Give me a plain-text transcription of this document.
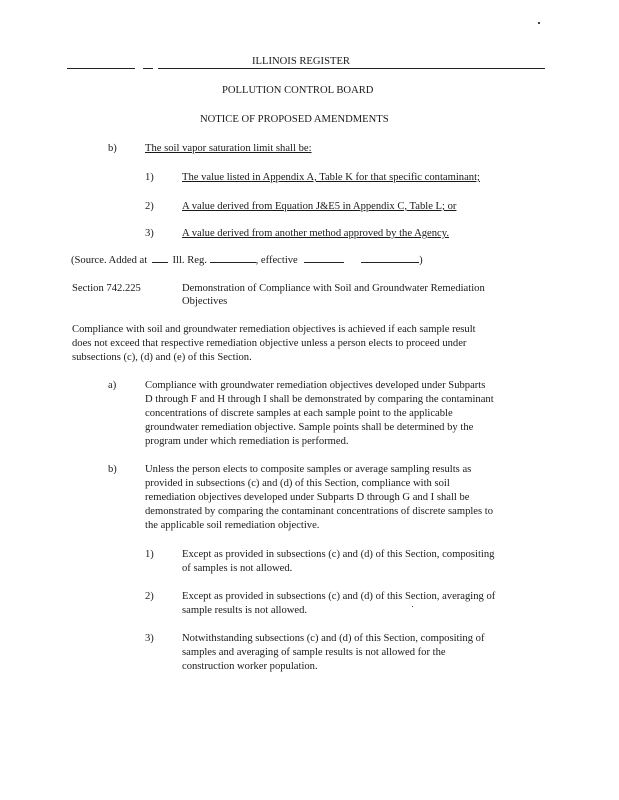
ILLINOIS REGISTER
POLLUTION CONTROL BOARD
NOTICE OF PROPOSED AMENDMENTS
b)	The soil vapor saturation limit shall be:
1)	The value listed in Appendix A, Table K for that specific contaminant;
2)	A value derived from Equation J&E5 in Appendix C, Table L; or
3)	A value derived from another method approved by the Agency.
(Source. Added at Ill. Reg.	, effective	)
Section 742.225	Demonstration of Compliance with Soil and Groundwater Remediation
Objectives
Compliance with soil and groundwater remediation objectives is achieved if each sample result
does not exceed that respective remediation objective unless a person elects to proceed under
subsections (c), (d) and (e) of this Section.
a)	Compliance with groundwater remediation objectives developed under Subparts
D through F and H through I shall be demonstrated by comparing the contaminant
concentrations of discrete samples at each sample point to the applicable
groundwater remediation objective. Sample points shall be determined by the
program under which remediation is performed.
b)	Unless the person elects to composite samples or average sampling results as
provided in subsections (c) and (d) of this Section, compliance with soil
remediation objectives developed under Subparts D through G and I shall be
demonstrated by comparing the contaminant concentrations of discrete samples to
the applicable soil remediation objective.
1)	Except as provided in subsections (c) and (d) of this Section, compositing
of samples is not allowed.
2)	Except as provided in subsections (c) and (d) of this Section, averaging of
sample results is not allowed.
3)	Notwithstanding subsections (c) and (d) of this Section, compositing of
samples and averaging of sample results is not allowed for the
construction worker population.
